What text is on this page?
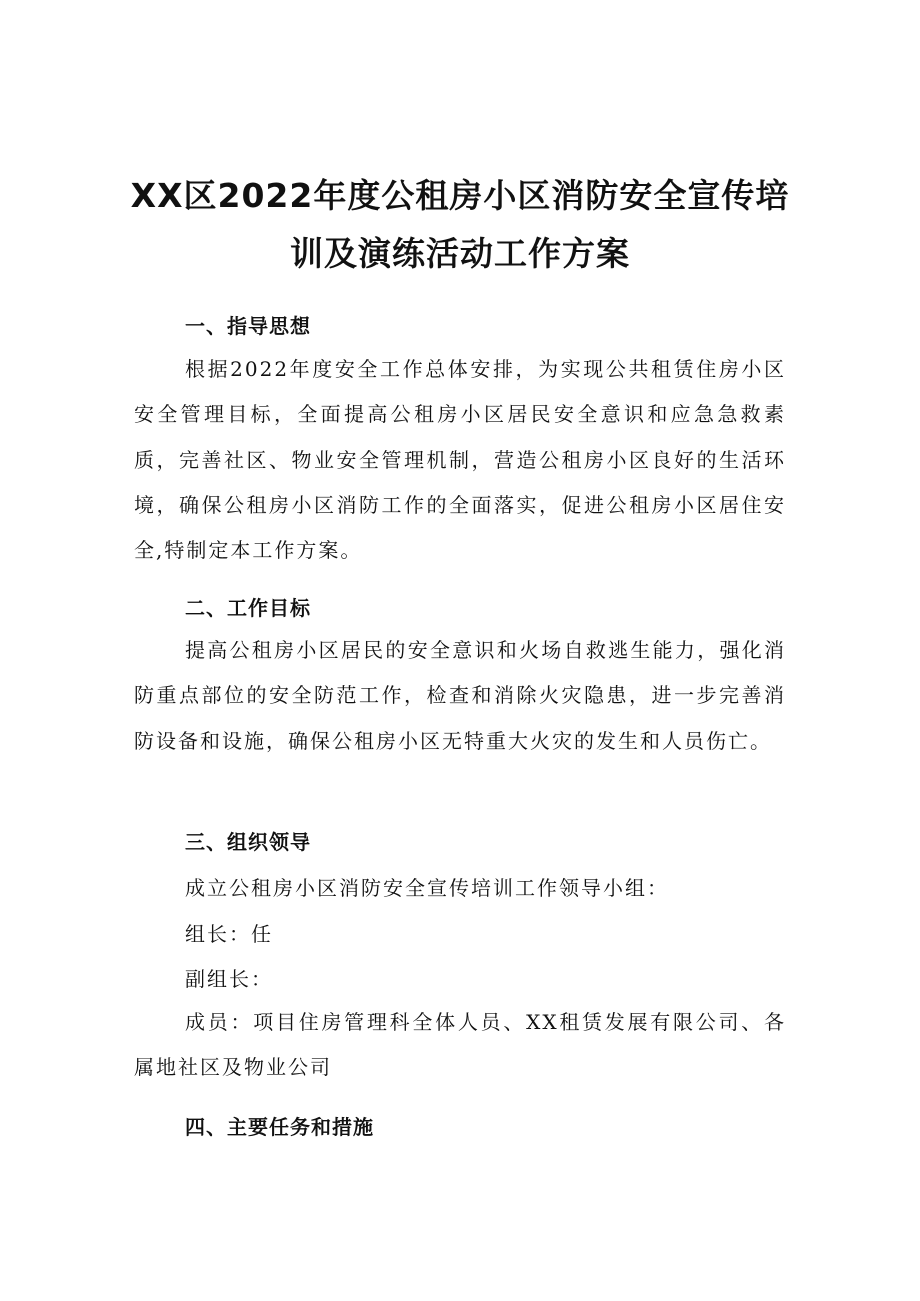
XX区2022年度公租房小区消防安全宣传培
训及演练活动工作方案
一、指导思想

根据2022年度安全工作总体安排，为实现公共租赁住房小区安全管理目标，全面提高公租房小区居民安全意识和应急急救素质，完善社区、物业安全管理机制，营造公租房小区良好的生活环境，确保公租房小区消防工作的全面落实，促进公租房小区居住安全,特制定本工作方案。

二、工作目标

提高公租房小区居民的安全意识和火场自救逃生能力，强化消防重点部位的安全防范工作，检查和消除火灾隐患，进一步完善消防设备和设施，确保公租房小区无特重大火灾的发生和人员伤亡。

三、组织领导
成立公租房小区消防安全宣传培训工作领导小组：
组长：任
副组长：

成员：项目住房管理科全体人员、XX租赁发展有限公司、各属地社区及物业公司

四、主要任务和措施
